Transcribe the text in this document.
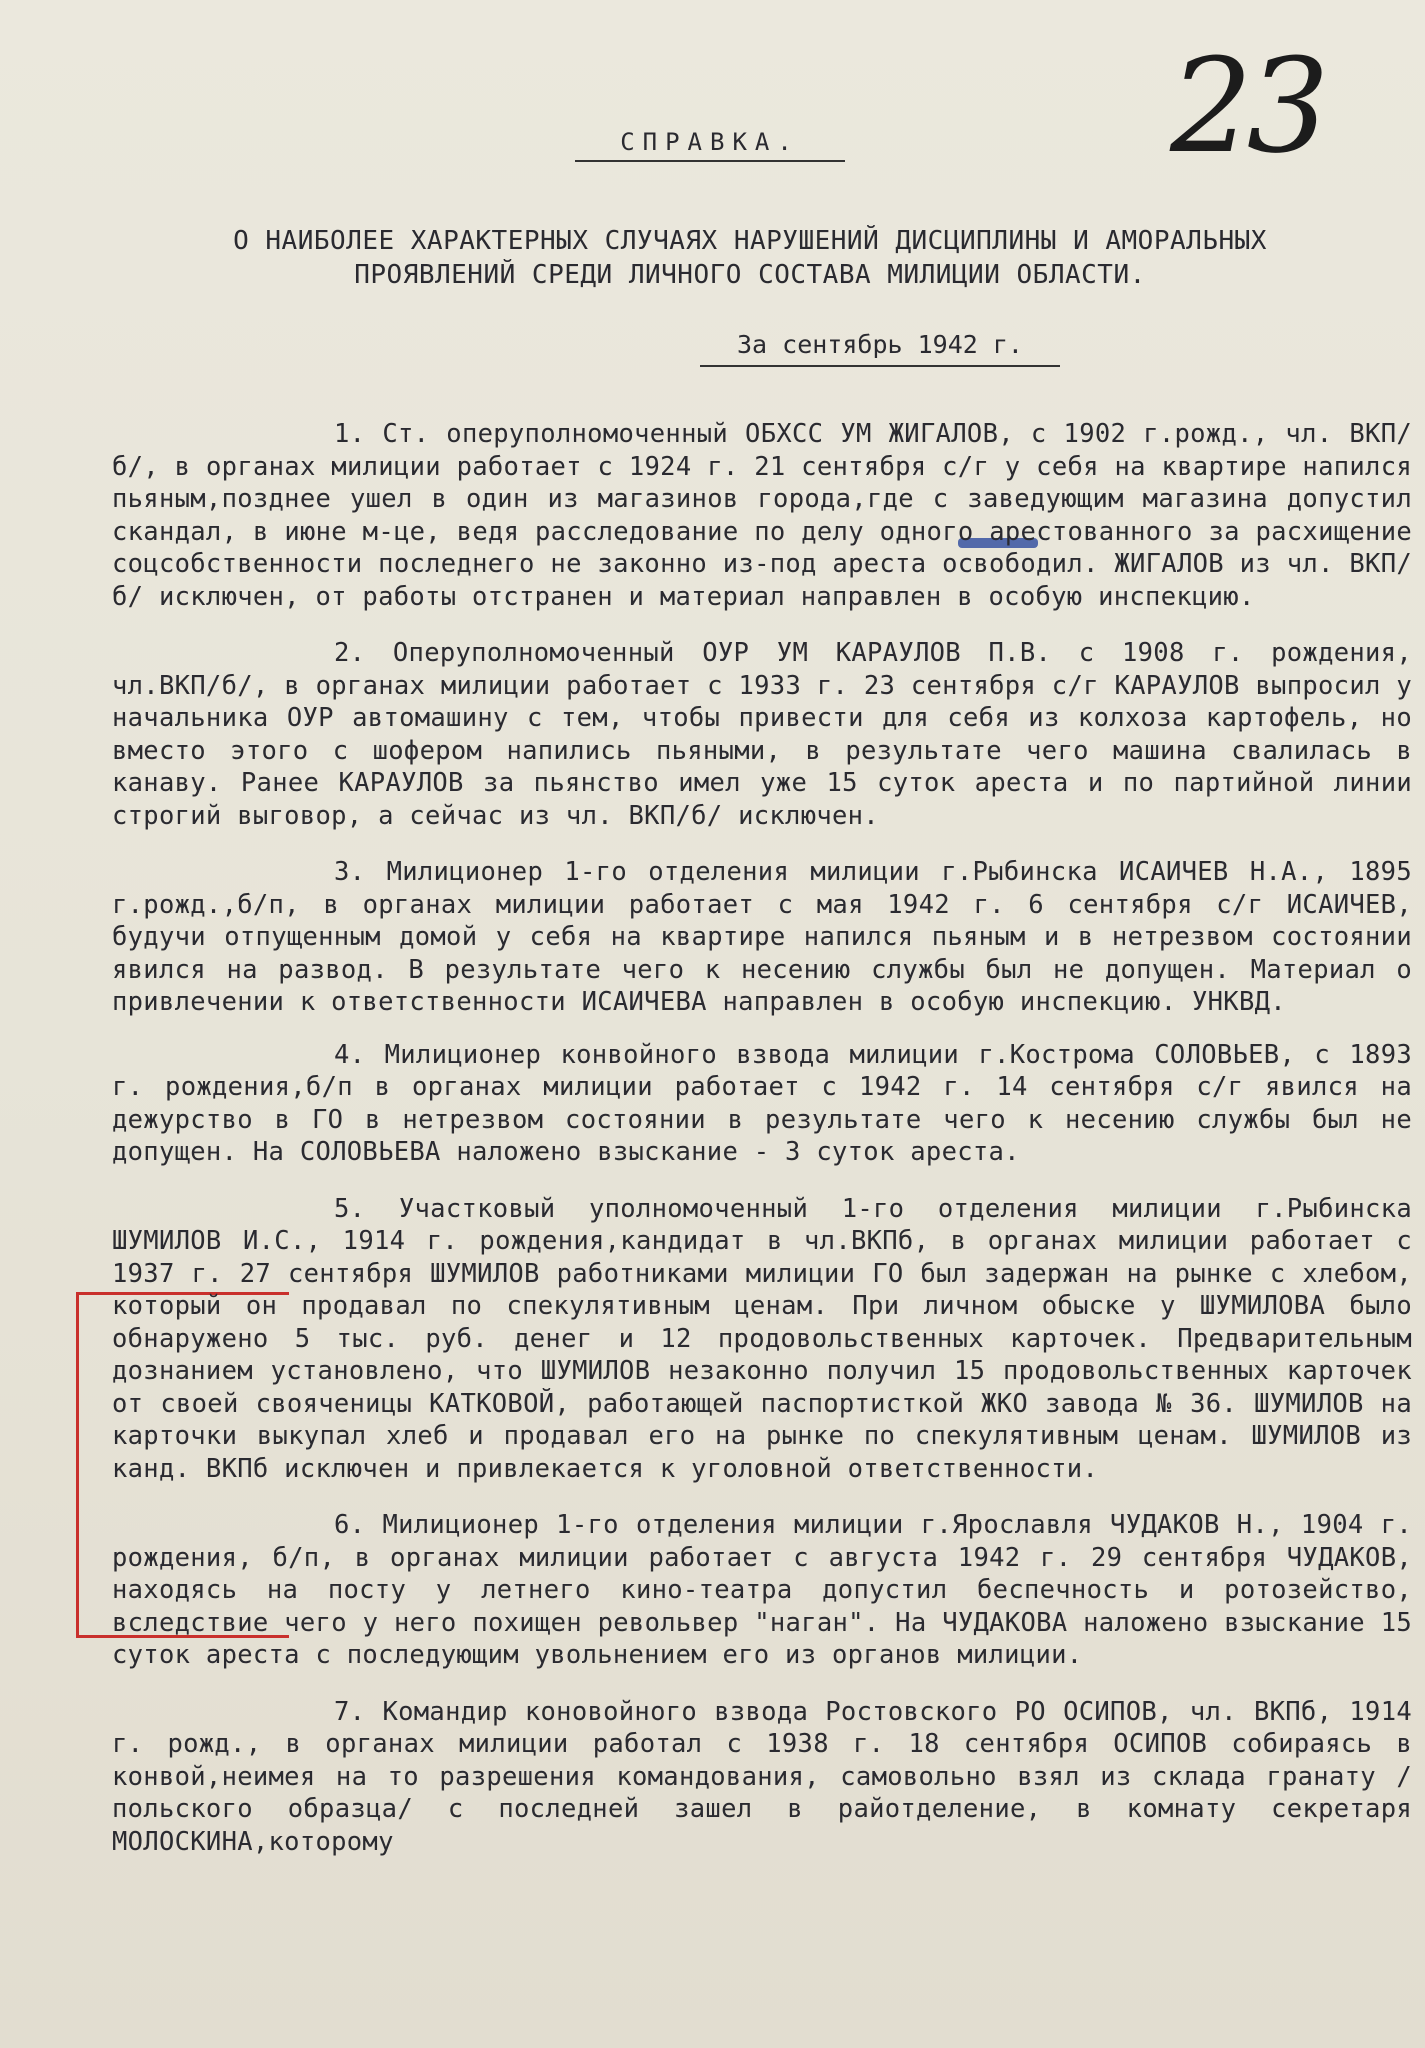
23
СПРАВКА.
О НАИБОЛЕЕ ХАРАКТЕРНЫХ СЛУЧАЯХ НАРУШЕНИЙ ДИСЦИПЛИНЫ И АМОРАЛЬНЫХ ПРОЯВЛЕНИЙ СРЕДИ ЛИЧНОГО СОСТАВА МИЛИЦИИ ОБЛАСТИ.
За сентябрь 1942 г.

1. Ст. оперуполномоченный ОБХСС УМ ЖИГАЛОВ, с 1902 г.рожд., чл. ВКП/б/, в органах милиции работает с 1924 г. 21 сентября с/г у себя на квартире напился пьяным,позднее ушел в один из магазинов города,где с заведующим магазина допустил скандал, в июне м-це, ведя расследование по делу одного арестованного за расхищение соцсобственности последнего не законно из-под ареста освободил. ЖИГАЛОВ из чл. ВКП/б/ исключен, от работы отстранен и материал направлен в особую инспекцию.

2. Оперуполномоченный ОУР УМ КАРАУЛОВ П.В. с 1908 г. рождения, чл.ВКП/б/, в органах милиции работает с 1933 г. 23 сентября с/г КАРАУЛОВ выпросил у начальника ОУР автомашину с тем, чтобы привести для себя из колхоза картофель, но вместо этого с шофером напились пьяными, в результате чего машина свалилась в канаву. Ранее КАРАУЛОВ за пьянство имел уже 15 суток ареста и по партийной линии строгий выговор, а сейчас из чл. ВКП/б/ исключен.

3. Милиционер 1-го отделения милиции г.Рыбинска ИСАИЧЕВ Н.А., 1895 г.рожд.,б/п, в органах милиции работает с мая 1942 г. 6 сентября с/г ИСАИЧЕВ, будучи отпущенным домой у себя на квартире напился пьяным и в нетрезвом состоянии явился на развод. В результате чего к несению службы был не допущен. Материал о привлечении к ответственности ИСАИЧЕВА направлен в особую инспекцию. УНКВД.

4. Милиционер конвойного взвода милиции г.Кострома СОЛОВЬЕВ, с 1893 г. рождения,б/п в органах милиции работает с 1942 г. 14 сентября с/г явился на дежурство в ГО в нетрезвом состоянии в результате чего к несению службы был не допущен. На СОЛОВЬЕВА наложено взыскание - 3 суток ареста.

5. Участковый уполномоченный 1-го отделения милиции г.Рыбинска ШУМИЛОВ И.С., 1914 г. рождения,кандидат в чл.ВКПб, в органах милиции работает с 1937 г. 27 сентября ШУМИЛОВ работниками милиции ГО был задержан на рынке с хлебом, который он продавал по спекулятивным ценам. При личном обыске у ШУМИЛОВА было обнаружено 5 тыс. руб. денег и 12 продовольственных карточек. Предварительным дознанием установлено, что ШУМИЛОВ незаконно получил 15 продовольственных карточек от своей свояченицы КАТКОВОЙ, работающей паспортисткой ЖКО завода № 36. ШУМИЛОВ на карточки выкупал хлеб и продавал его на рынке по спекулятивным ценам. ШУМИЛОВ из канд. ВКПб исключен и привлекается к уголовной ответственности.

6. Милиционер 1-го отделения милиции г.Ярославля ЧУДАКОВ Н., 1904 г. рождения, б/п, в органах милиции работает с августа 1942 г. 29 сентября ЧУДАКОВ, находясь на посту у летнего кино-театра допустил беспечность и ротозейство, вследствие чего у него похищен револьвер "наган". На ЧУДАКОВА наложено взыскание 15 суток ареста с последующим увольнением его из органов милиции.

7. Командир коновойного взвода Ростовского РО ОСИПОВ, чл. ВКПб, 1914 г. рожд., в органах милиции работал с 1938 г. 18 сентября ОСИПОВ собираясь в конвой,неимея на то разрешения командования, самовольно взял из склада гранату /польского образца/ с последней зашел в райотделение, в комнату секретаря МОЛОСКИНА,которому
